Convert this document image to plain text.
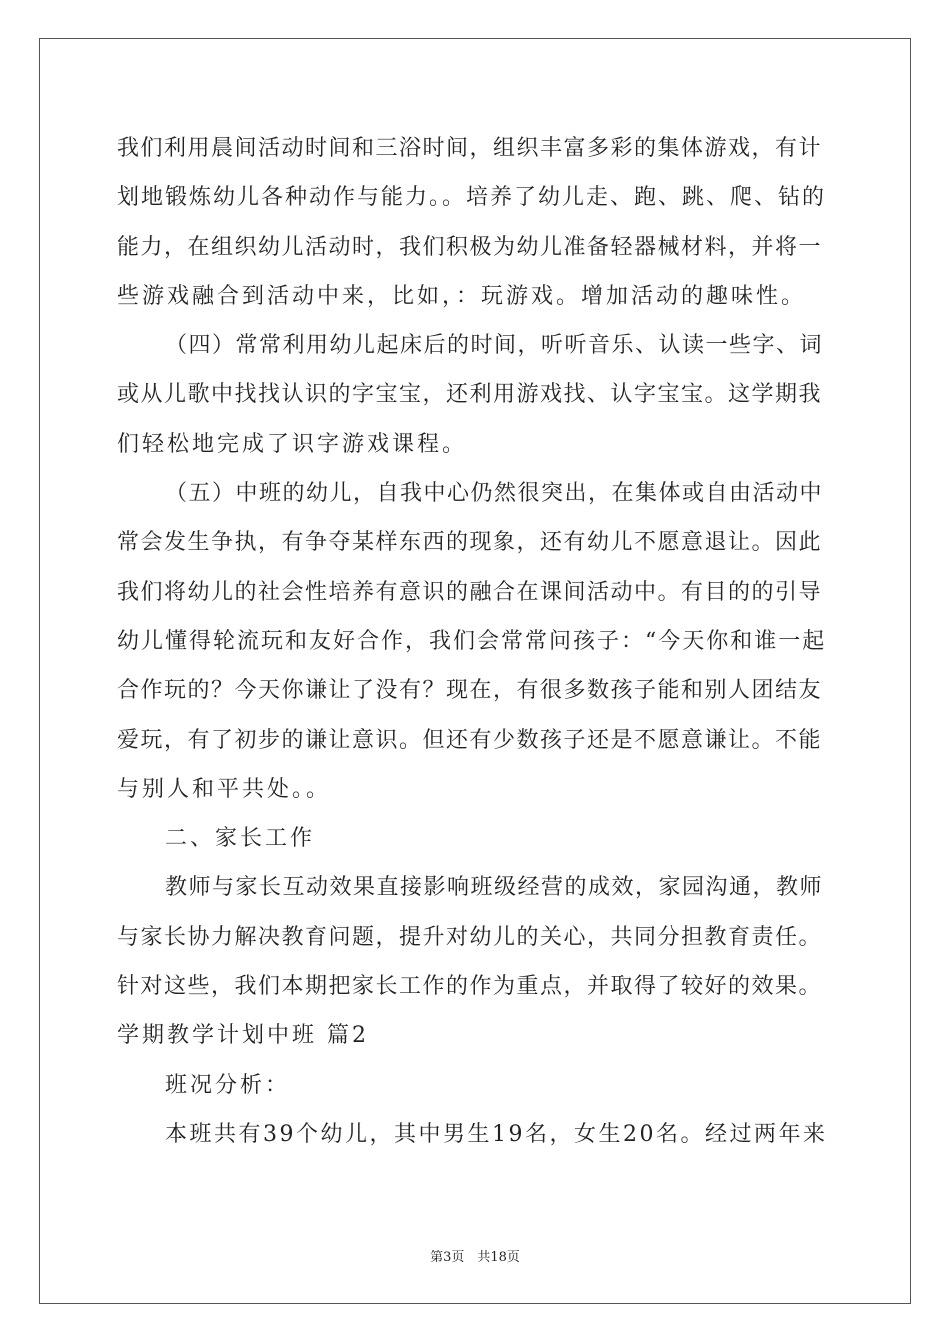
我们利用晨间活动时间和三浴时间，组织丰富多彩的集体游戏，有计
划地锻炼幼儿各种动作与能力。。培养了幼儿走、跑、跳、爬、钻的
能力，在组织幼儿活动时，我们积极为幼儿准备轻器械材料，并将一
些游戏融合到活动中来，比如，：玩游戏。增加活动的趣味性。
（四）常常利用幼儿起床后的时间，听听音乐、认读一些字、词
或从儿歌中找找认识的字宝宝，还利用游戏找、认字宝宝。这学期我
们轻松地完成了识字游戏课程。
（五）中班的幼儿，自我中心仍然很突出，在集体或自由活动中
常会发生争执，有争夺某样东西的现象，还有幼儿不愿意退让。因此
我们将幼儿的社会性培养有意识的融合在课间活动中。有目的的引导
幼儿懂得轮流玩和友好合作，我们会常常问孩子：“今天你和谁一起
合作玩的？今天你谦让了没有？现在，有很多数孩子能和别人团结友
爱玩，有了初步的谦让意识。但还有少数孩子还是不愿意谦让。不能
与别人和平共处。。
二、家长工作
教师与家长互动效果直接影响班级经营的成效，家园沟通，教师
与家长协力解决教育问题，提升对幼儿的关心，共同分担教育责任。
针对这些，我们本期把家长工作的作为重点，并取得了较好的效果。
学期教学计划中班 篇2
班况分析：
本班共有39个幼儿，其中男生19名，女生20名。经过两年来
第3页　共18页
